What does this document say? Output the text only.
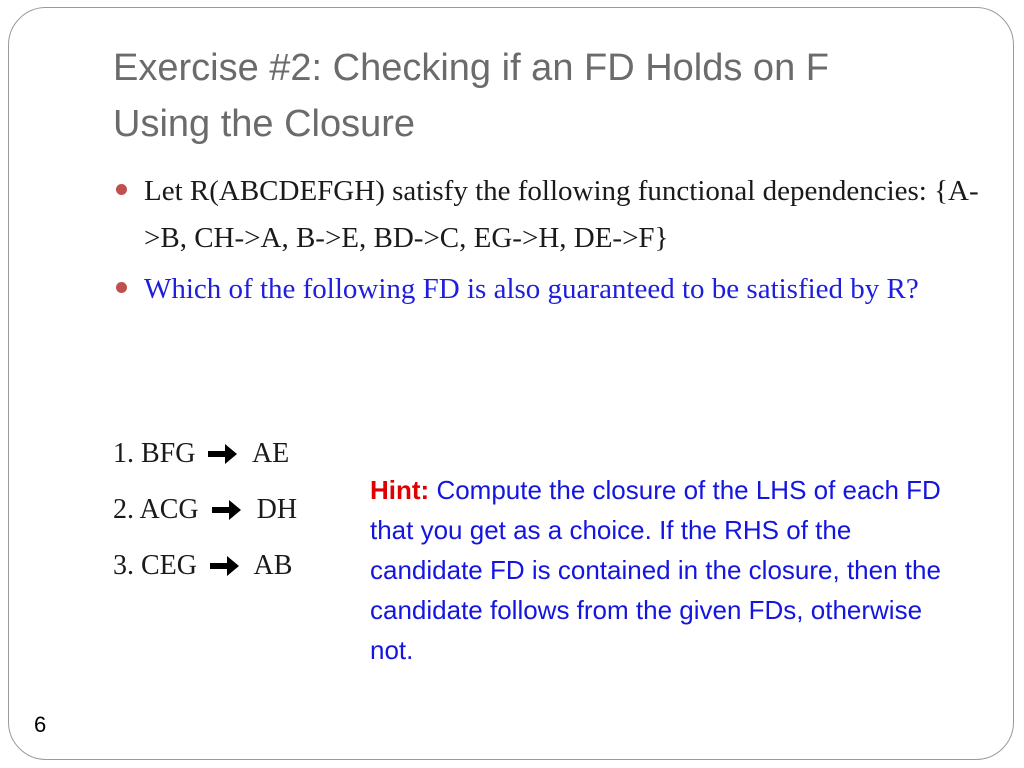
Exercise #2: Checking if an FD Holds on F
Using the Closure
Let R(ABCDEFGH) satisfy the following functional dependencies: {A->B, CH->A, B->E, BD->C, EG->H, DE->F}
Which of the following FD is also guaranteed to be satisfied by R?
1. BFG AE
2. ACG DH
3. CEG AB
Hint: Compute the closure of the LHS of each FD that you get as a choice. If the RHS of the candidate FD is contained in the closure, then the candidate follows from the given FDs, otherwise not.
6
